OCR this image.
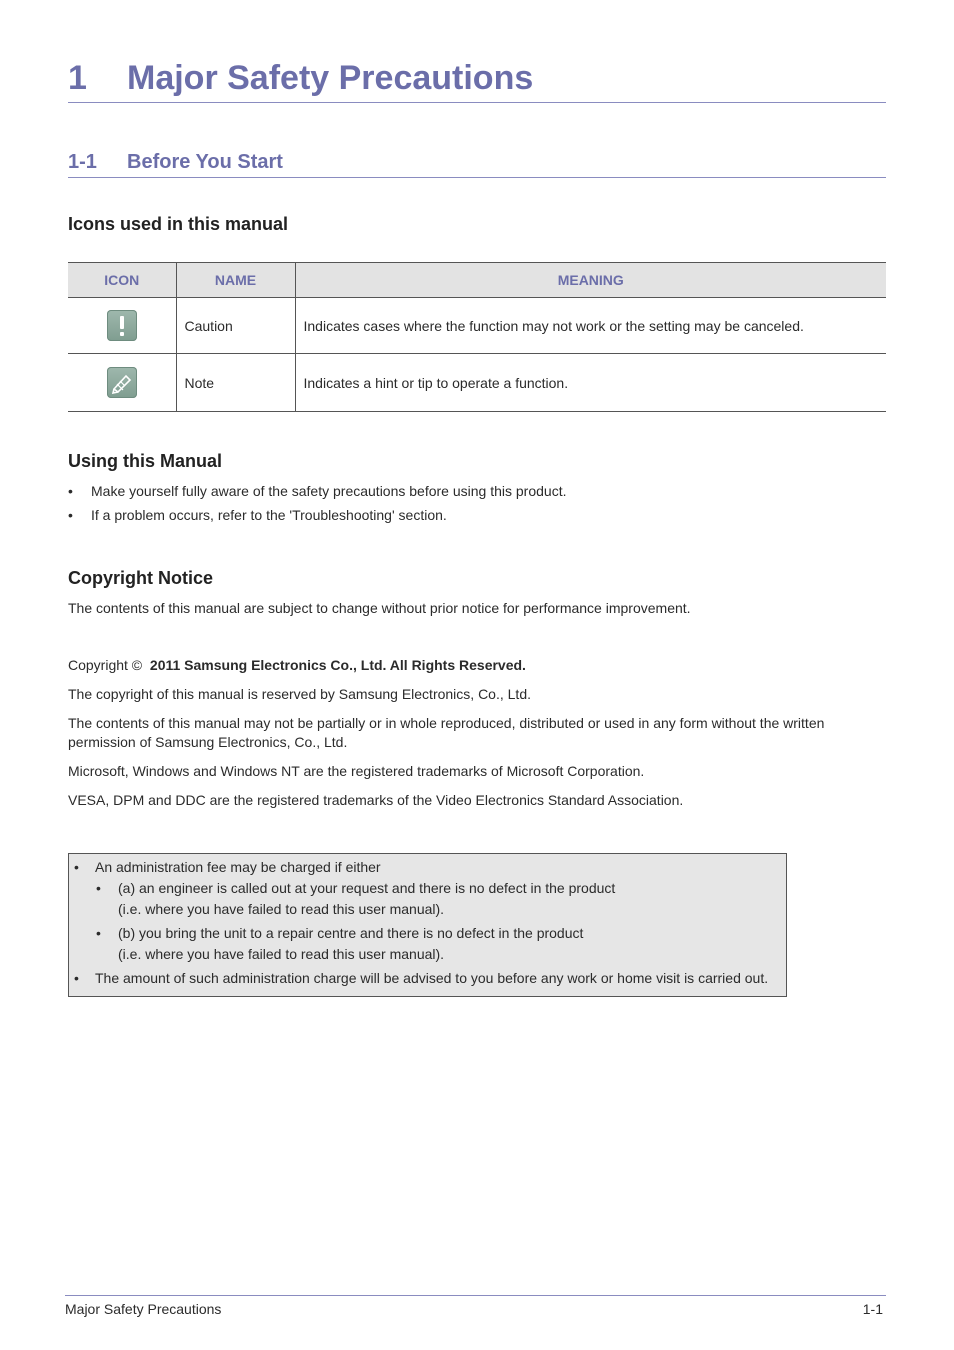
1 Major Safety Precautions
1-1 Before You Start
Icons used in this manual
ICON	NAME	MEANING
	Caution	Indicates cases where the function may not work or the setting may be canceled.

	Note	Indicates a hint or tip to operate a function.
Using this Manual
• Make yourself fully aware of the safety precautions before using this product.
• If a problem occurs, refer to the 'Troubleshooting' section.
Copyright Notice
The contents of this manual are subject to change without prior notice for performance improvement.
Copyright © 2011 Samsung Electronics Co., Ltd. All Rights Reserved.
The copyright of this manual is reserved by Samsung Electronics, Co., Ltd.
The contents of this manual may not be partially or in whole reproduced, distributed or used in any form without the written permission of Samsung Electronics, Co., Ltd.
Microsoft, Windows and Windows NT are the registered trademarks of Microsoft Corporation.
VESA, DPM and DDC are the registered trademarks of the Video Electronics Standard Association.
• An administration fee may be charged if either
• (a) an engineer is called out at your request and there is no defect in the product
(i.e. where you have failed to read this user manual).
• (b) you bring the unit to a repair centre and there is no defect in the product
(i.e. where you have failed to read this user manual).
• The amount of such administration charge will be advised to you before any work or home visit is carried out.
Major Safety Precautions	1-1
